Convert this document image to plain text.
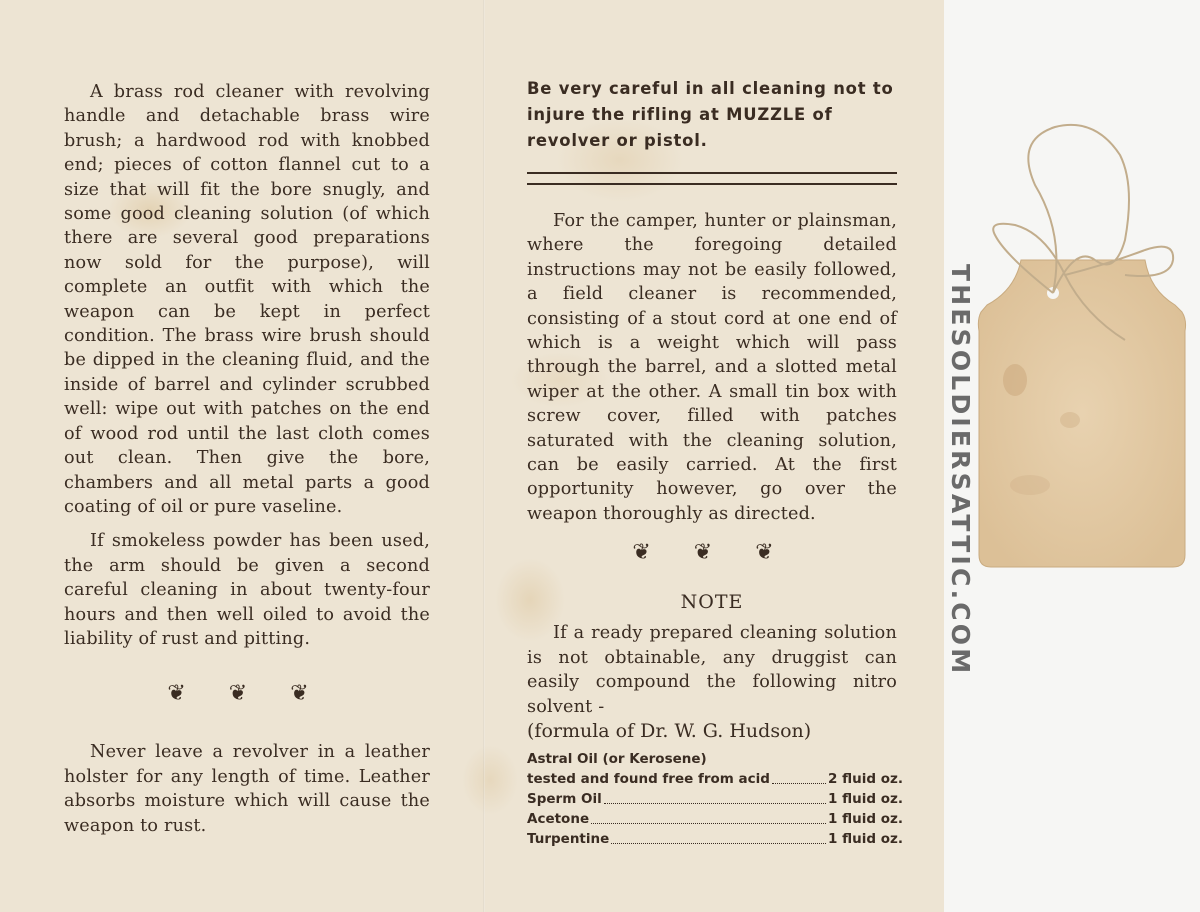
A brass rod cleaner with revolving handle and detachable brass wire brush; a hardwood rod with knobbed end; pieces of cotton flannel cut to a size that will fit the bore snugly, and some good cleaning solution (of which there are several good preparations now sold for the purpose), will complete an outfit with which the weapon can be kept in perfect condition. The brass wire brush should be dipped in the cleaning fluid, and the inside of barrel and cylinder scrubbed well: wipe out with patches on the end of wood rod until the last cloth comes out clean. Then give the bore, chambers and all metal parts a good coating of oil or pure vaseline.

If smokeless powder has been used, the arm should be given a second careful cleaning in about twenty-four hours and then well oiled to avoid the liability of rust and pitting.

❦ ❦ ❦

Never leave a revolver in a leather holster for any length of time. Leather absorbs moisture which will cause the weapon to rust.

Be very careful in all cleaning not to injure the rifling at MUZZLE of revolver or pistol.

For the camper, hunter or plainsman, where the foregoing detailed instructions may not be easily followed, a field cleaner is recommended, consisting of a stout cord at one end of which is a weight which will pass through the barrel, and a slotted metal wiper at the other. A small tin box with screw cover, filled with patches saturated with the cleaning solution, can be easily carried. At the first opportunity however, go over the weapon thoroughly as directed.

❦ ❦ ❦
NOTE

If a ready prepared cleaning solution is not obtainable, any druggist can easily compound the following nitro solvent -

(formula of Dr. W. G. Hudson)

Astral Oil (or Kerosene)
tested and found free from acid	2 fluid oz.
Sperm Oil	1 fluid oz.
Acetone	1 fluid oz.
Turpentine	1 fluid oz.
THESOLDIERSATTIC.COM
